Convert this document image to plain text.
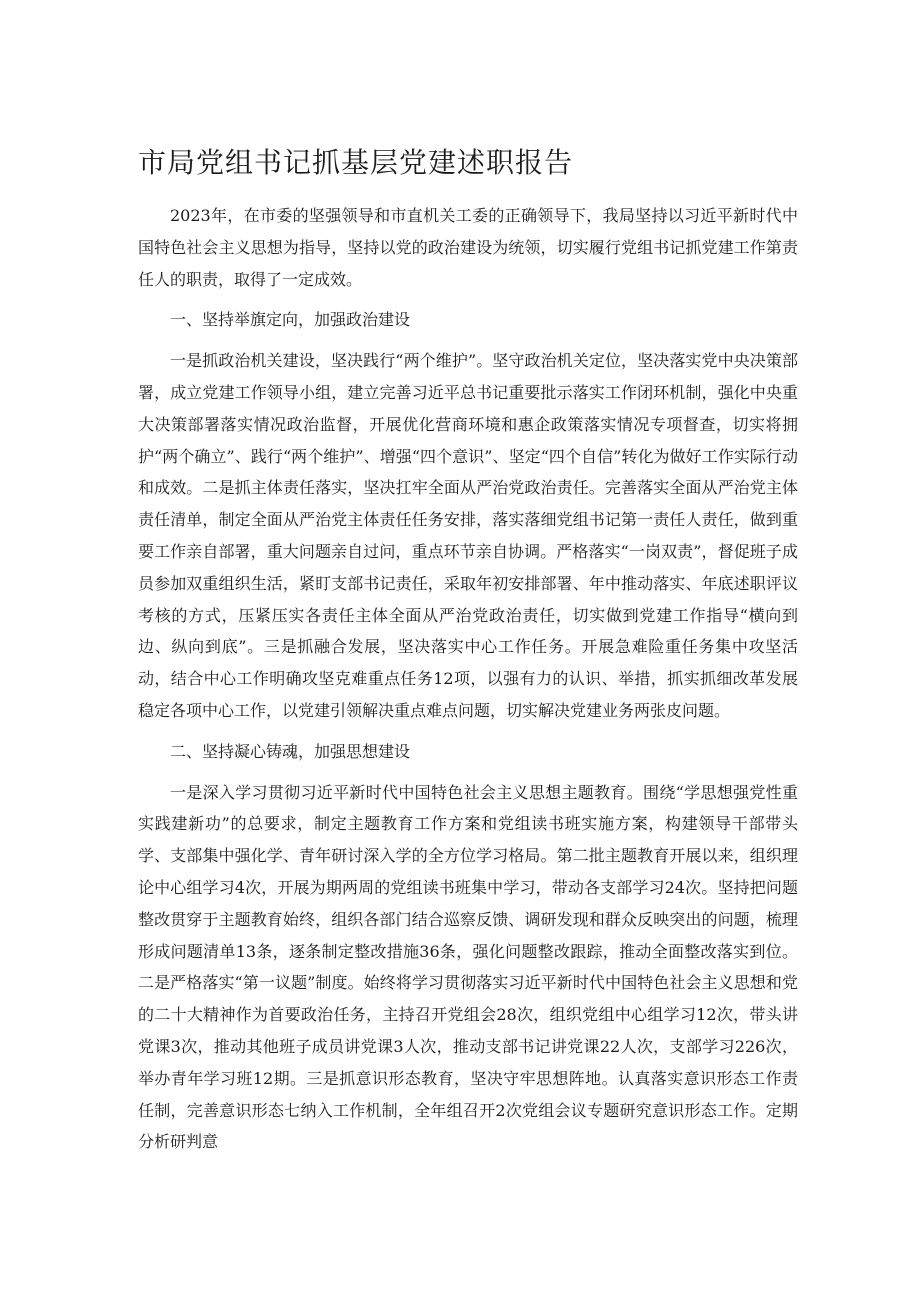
市局党组书记抓基层党建述职报告

2023年，在市委的坚强领导和市直机关工委的正确领导下，我局坚持以习近平新时代中国特色社会主义思想为指导，坚持以党的政治建设为统领，切实履行党组书记抓党建工作第责任人的职责，取得了一定成效。

一、坚持举旗定向，加强政治建设

一是抓政治机关建设，坚决践行“两个维护”。坚守政治机关定位，坚决落实党中央决策部署，成立党建工作领导小组，建立完善习近平总书记重要批示落实工作闭环机制，强化中央重大决策部署落实情况政治监督，开展优化营商环境和惠企政策落实情况专项督查，切实将拥护“两个确立”、践行“两个维护”、增强“四个意识”、坚定“四个自信”转化为做好工作实际行动和成效。二是抓主体责任落实，坚决扛牢全面从严治党政治责任。完善落实全面从严治党主体责任清单，制定全面从严治党主体责任任务安排，落实落细党组书记第一责任人责任，做到重要工作亲自部署，重大问题亲自过问，重点环节亲自协调。严格落实“一岗双责”，督促班子成员参加双重组织生活，紧盯支部书记责任，采取年初安排部署、年中推动落实、年底述职评议考核的方式，压紧压实各责任主体全面从严治党政治责任，切实做到党建工作指导“横向到边、纵向到底”。三是抓融合发展，坚决落实中心工作任务。开展急难险重任务集中攻坚活动，结合中心工作明确攻坚克难重点任务12项，以强有力的认识、举措，抓实抓细改革发展稳定各项中心工作，以党建引领解决重点难点问题，切实解决党建业务两张皮问题。

二、坚持凝心铸魂，加强思想建设

一是深入学习贯彻习近平新时代中国特色社会主义思想主题教育。围绕“学思想强党性重实践建新功”的总要求，制定主题教育工作方案和党组读书班实施方案，构建领导干部带头学、支部集中强化学、青年研讨深入学的全方位学习格局。第二批主题教育开展以来，组织理论中心组学习4次，开展为期两周的党组读书班集中学习，带动各支部学习24次。坚持把问题整改贯穿于主题教育始终，组织各部门结合巡察反馈、调研发现和群众反映突出的问题，梳理形成问题清单13条，逐条制定整改措施36条，强化问题整改跟踪，推动全面整改落实到位。二是严格落实“第一议题”制度。始终将学习贯彻落实习近平新时代中国特色社会主义思想和党的二十大精神作为首要政治任务，主持召开党组会28次，组织党组中心组学习12次，带头讲党课3次，推动其他班子成员讲党课3人次，推动支部书记讲党课22人次，支部学习226次，举办青年学习班12期。三是抓意识形态教育，坚决守牢思想阵地。认真落实意识形态工作责任制，完善意识形态七纳入工作机制，全年组召开2次党组会议专题研究意识形态工作。定期分析研判意
